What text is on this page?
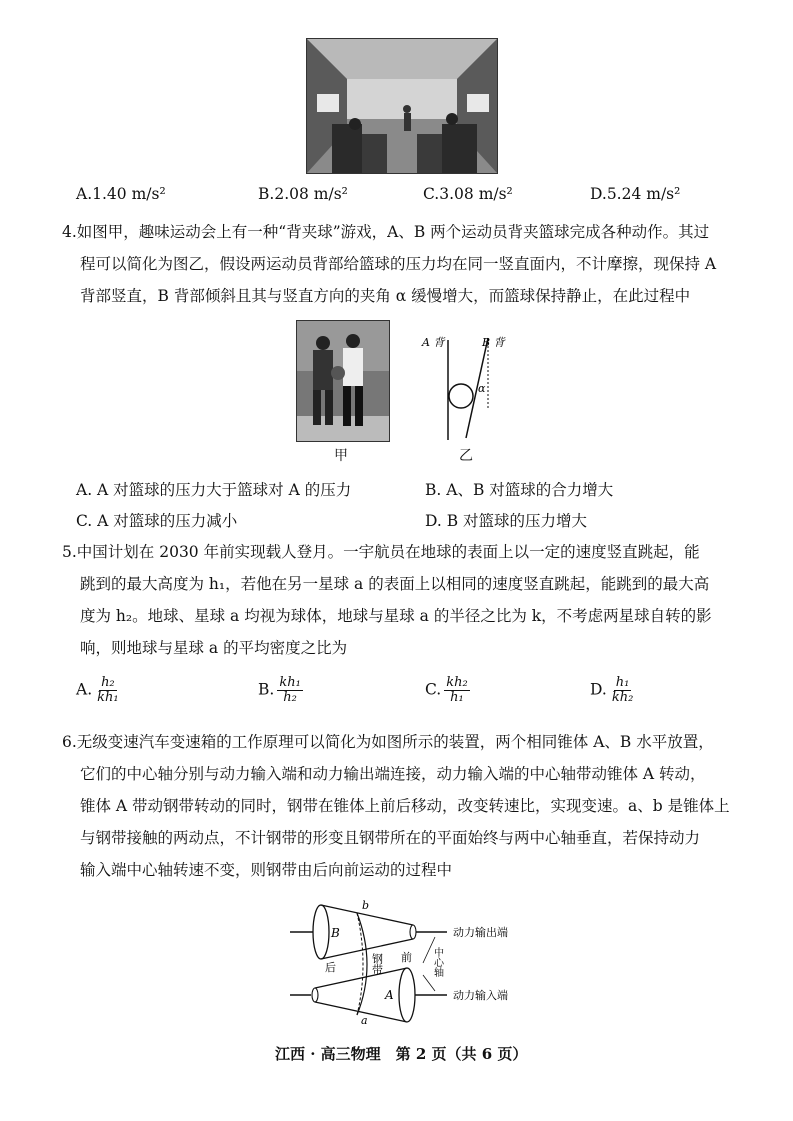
A.1.40 m/s²	B.2.08 m/s²	C.3.08 m/s²	D.5.24 m/s²
4.如图甲，趣味运动会上有一种“背夹球”游戏，A、B 两个运动员背夹篮球完成各种动作。其过
程可以简化为图乙，假设两运动员背部给篮球的压力均在同一竖直面内，不计摩擦，现保持 A
背部竖直，B 背部倾斜且其与竖直方向的夹角 α 缓慢增大，而篮球保持静止，在此过程中
甲
A 背	B 背
α
乙
A. A 对篮球的压力大于篮球对 A 的压力	B. A、B 对篮球的合力增大
C. A 对篮球的压力减小	D. B 对篮球的压力增大
5.中国计划在 2030 年前实现载人登月。一宇航员在地球的表面上以一定的速度竖直跳起，能
跳到的最大高度为 h₁，若他在另一星球 a 的表面上以相同的速度竖直跳起，能跳到的最大高
度为 h₂。地球、星球 a 均视为球体，地球与星球 a 的半径之比为 k，不考虑两星球自转的影
响，则地球与星球 a 的平均密度之比为
A. $\frac{\text{h₂}}{\text{kh₁}}$	B. $\frac{\text{kh₁}}{\text{h₂}}$	C. $\frac{\text{kh₂}}{\text{h₁}}$	D. $\frac{\text{h₁}}{\text{kh₂}}$
6.无级变速汽车变速箱的工作原理可以简化为如图所示的装置，两个相同锥体 A、B 水平放置，
它们的中心轴分别与动力输入端和动力输出端连接，动力输入端的中心轴带动锥体 A 转动，
锥体 A 带动钢带转动的同时，钢带在锥体上前后移动，改变转速比，实现变速。a、b 是锥体上
与钢带接触的两动点，不计钢带的形变且钢带所在的平面始终与两中心轴垂直，若保持动力
输入端中心轴转速不变，则钢带由后向前运动的过程中
B
A
b
a
后
前
钢带	中心轴
动力输出端
动力输入端
江西 · 高三物理　第 2 页（共 6 页）
